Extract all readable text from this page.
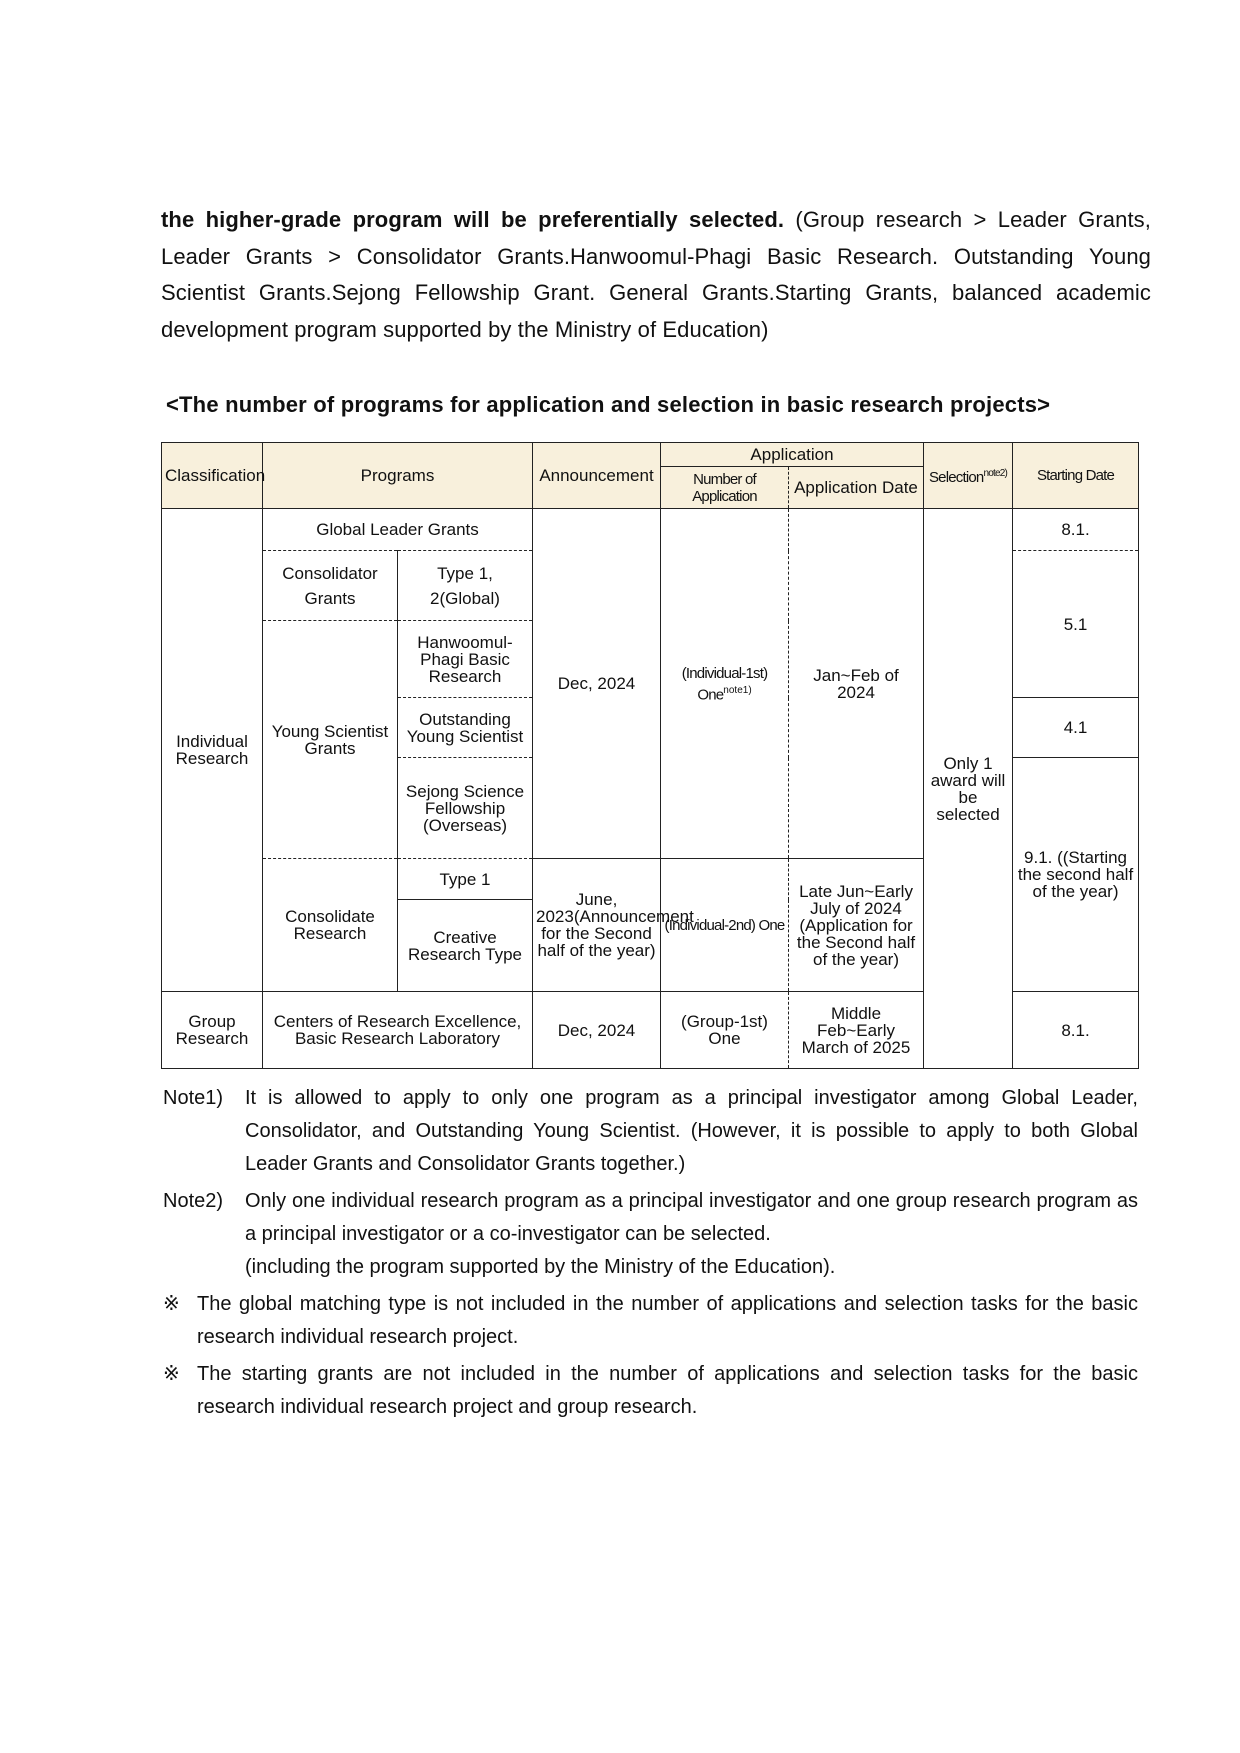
the higher-grade program will be preferentially selected. (Group research > Leader Grants, Leader Grants > Consolidator Grants.Hanwoomul-Phagi Basic Research. Outstanding Young Scientist Grants.Sejong Fellowship Grant. General Grants.Starting Grants, balanced academic development program supported by the Ministry of Education)
<The number of programs for application and selection in basic research projects>
Classification	Programs		Announcement	Application		Selection$^{note2)}$	Starting Date
				Number of Application	Application Date		
Individual Research	Global Leader Grants		Dec, 2024	(Individual-1st) One$^{note1)}$	Jan~Feb of 2024	Only 1 award will be selected	8.1.
	Consolidator Grants	Type 1, 2(Global)					5.1
	Young Scientist Grants	Hanwoomul-Phagi Basic Research					
		Outstanding Young Scientist					4.1
		Sejong Science Fellowship (Overseas)					9.1. ((Starting the second half of the year)
	Consolidate Research	Type 1	June, 2023(Announcement for the Second half of the year)	(Individual-2nd) One	Late Jun~Early July of 2024 (Application for the Second half of the year)		
		Creative Research Type					
Group Research	Centers of Research Excellence, Basic Research Laboratory		Dec, 2024	(Group-1st) One	Middle Feb~Early March of 2025		8.1.
Note1)	It is allowed to apply to only one program as a principal investigator among Global Leader, Consolidator, and Outstanding Young Scientist. (However, it is possible to apply to both Global Leader Grants and Consolidator Grants together.)
Note2)	Only one individual research program as a principal investigator and one group research program as a principal investigator or a co-investigator can be selected.
(including the program supported by the Ministry of the Education).
※ The global matching type is not included in the number of applications and selection tasks for the basic research individual research project.
※ The starting grants are not included in the number of applications and selection tasks for the basic research individual research project and group research.
